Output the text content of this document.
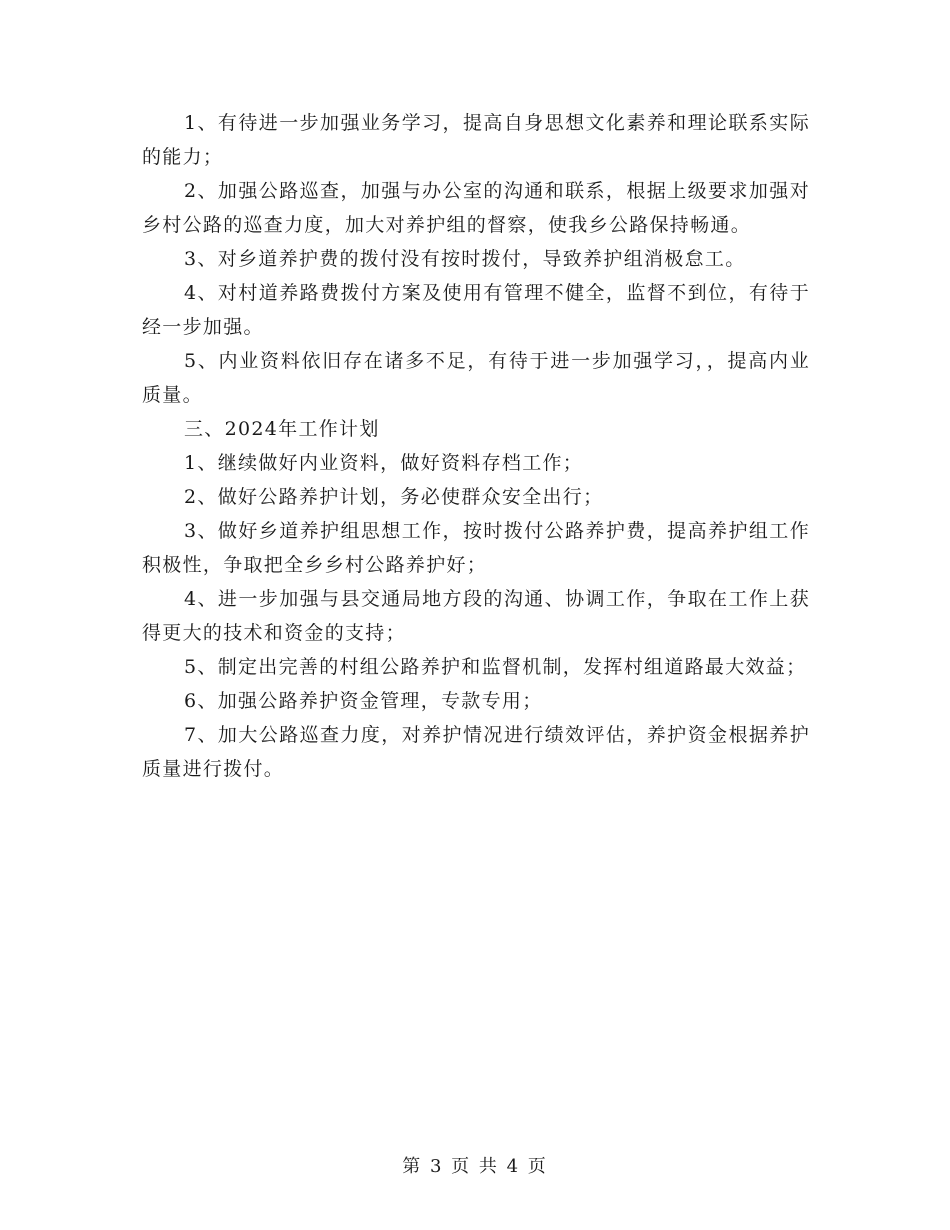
1、有待进一步加强业务学习，提高自身思想文化素养和理论联系实际的能力；

2、加强公路巡查，加强与办公室的沟通和联系，根据上级要求加强对乡村公路的巡查力度，加大对养护组的督察，使我乡公路保持畅通。

3、对乡道养护费的拨付没有按时拨付，导致养护组消极怠工。

4、对村道养路费拨付方案及使用有管理不健全，监督不到位，有待于经一步加强。

5、内业资料依旧存在诸多不足，有待于进一步加强学习，，提高内业质量。

三、2024年工作计划

1、继续做好内业资料，做好资料存档工作；

2、做好公路养护计划，务必使群众安全出行；

3、做好乡道养护组思想工作，按时拨付公路养护费，提高养护组工作积极性，争取把全乡乡村公路养护好；

4、进一步加强与县交通局地方段的沟通、协调工作，争取在工作上获得更大的技术和资金的支持；

5、制定出完善的村组公路养护和监督机制，发挥村组道路最大效益；

6、加强公路养护资金管理，专款专用；

7、加大公路巡查力度，对养护情况进行绩效评估，养护资金根据养护质量进行拨付。

第 3 页 共 4 页
